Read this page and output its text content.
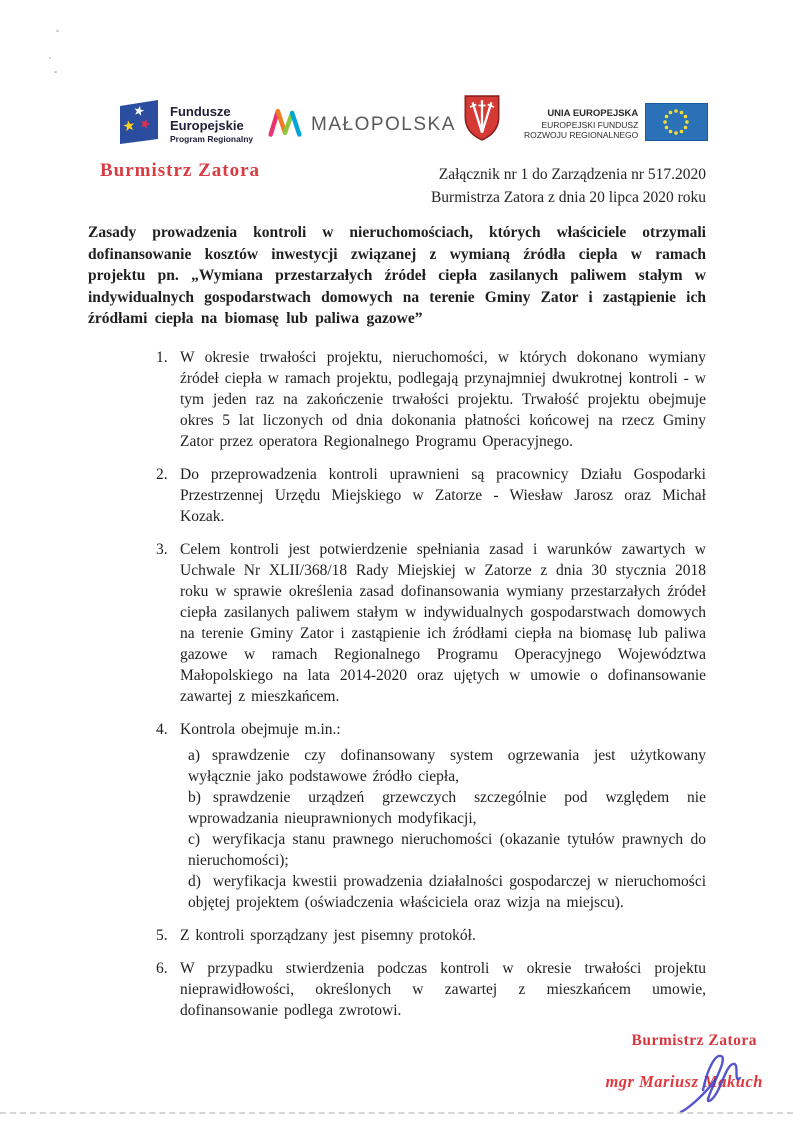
Fundusze
Europejskie
Program Regionalny
MAŁOPOLSKA
UNIA EUROPEJSKA
EUROPEJSKI FUNDUSZ
ROZWOJU REGIONALNEGO
Burmistrz Zatora	Załącznik nr 1 do Zarządzenia nr 517.2020
Burmistrza Zatora z dnia 20 lipca 2020 roku

Zasady prowadzenia kontroli w nieruchomościach, których właściciele otrzymali dofinansowanie kosztów inwestycji związanej z wymianą źródła ciepła w ramach projektu pn. „Wymiana przestarzałych źródeł ciepła zasilanych paliwem stałym w indywidualnych gospodarstwach domowych na terenie Gminy Zator i zastąpienie ich źródłami ciepła na biomasę lub paliwa gazowe”

1. W okresie trwałości projektu, nieruchomości, w których dokonano wymiany źródeł ciepła w ramach projektu, podlegają przynajmniej dwukrotnej kontroli - w tym jeden raz na zakończenie trwałości projektu. Trwałość projektu obejmuje okres 5 lat liczonych od dnia dokonania płatności końcowej na rzecz Gminy Zator przez operatora Regionalnego Programu Operacyjnego.
2. Do przeprowadzenia kontroli uprawnieni są pracownicy Działu Gospodarki Przestrzennej Urzędu Miejskiego w Zatorze - Wiesław Jarosz oraz Michał Kozak.
3. Celem kontroli jest potwierdzenie spełniania zasad i warunków zawartych w Uchwale Nr XLII/368/18 Rady Miejskiej w Zatorze z dnia 30 stycznia 2018 roku w sprawie określenia zasad dofinansowania wymiany przestarzałych źródeł ciepła zasilanych paliwem stałym w indywidualnych gospodarstwach domowych na terenie Gminy Zator i zastąpienie ich źródłami ciepła na biomasę lub paliwa gazowe w ramach Regionalnego Programu Operacyjnego Województwa Małopolskiego na lata 2014-2020 oraz ujętych w umowie o dofinansowanie zawartej z mieszkańcem.
4. Kontrola obejmuje m.in.:

a) sprawdzenie czy dofinansowany system ogrzewania jest użytkowany wyłącznie jako podstawowe źródło ciepła,

b) sprawdzenie urządzeń grzewczych szczególnie pod względem nie wprowadzania nieuprawnionych modyfikacji,

c) weryfikacja stanu prawnego nieruchomości (okazanie tytułów prawnych do nieruchomości);

d) weryfikacja kwestii prowadzenia działalności gospodarczej w nieruchomości objętej projektem (oświadczenia właściciela oraz wizja na miejscu).

5. Z kontroli sporządzany jest pisemny protokół.
6. W przypadku stwierdzenia podczas kontroli w okresie trwałości projektu nieprawidłowości, określonych w zawartej z mieszkańcem umowie, dofinansowanie podlega zwrotowi.
Burmistrz Zatora
mgr Mariusz Makuch
